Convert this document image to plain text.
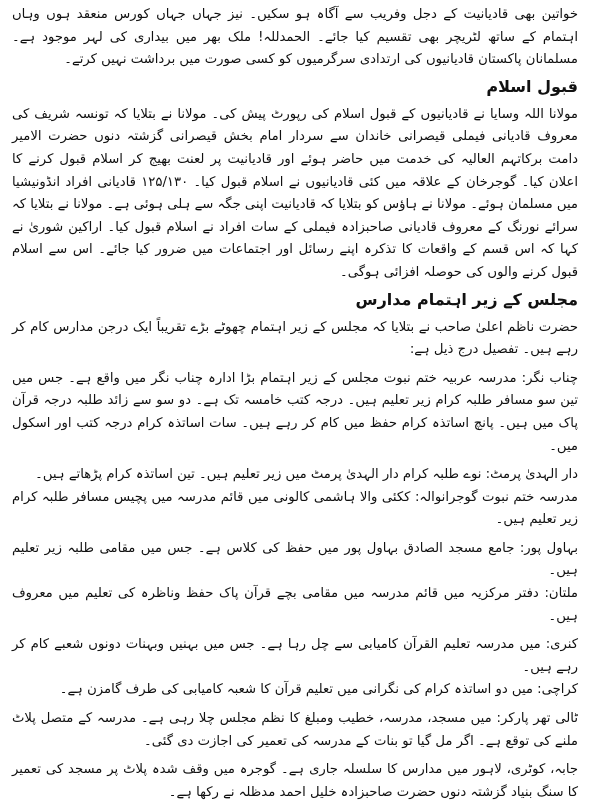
خواتین بھی قادیانیت کے دجل وفریب سے آگاہ ہو سکیں۔ نیز جہاں جہاں کورس منعقد ہوں وہاں اہتمام کے ساتھ لٹریچر بھی تقسیم کیا جائے۔ الحمدللہ! ملک بھر میں بیداری کی لہر موجود ہے۔ مسلمانان پاکستان قادیانیوں کی ارتدادی سرگرمیوں کو کسی صورت میں برداشت نہیں کرتے۔

قبول اسلام

مولانا اللہ وسایا نے قادیانیوں کے قبول اسلام کی رپورٹ پیش کی۔ مولانا نے بتلایا کہ تونسہ شریف کی معروف قادیانی فیملی قیصرانی خاندان سے سردار امام بخش قیصرانی گزشتہ دنوں حضرت الامیر دامت برکاتہم العالیہ کی خدمت میں حاضر ہوئے اور قادیانیت پر لعنت بھیج کر اسلام قبول کرنے کا اعلان کیا۔ گوجرخان کے علاقہ میں کئی قادیانیوں نے اسلام قبول کیا۔ ۱۲۵/۱۳۰ قادیانی افراد انڈونیشیا میں مسلمان ہوئے۔ مولانا نے ہاؤس کو بتلایا کہ قادیانیت اپنی جگہ سے ہلی ہوئی ہے۔ مولانا نے بتلایا کہ سرائے نورنگ کے معروف قادیانی صاحبزادہ فیملی کے سات افراد نے اسلام قبول کیا۔ اراکین شوریٰ نے کہا کہ اس قسم کے واقعات کا تذکرہ اپنے رسائل اور اجتماعات میں ضرور کیا جائے۔ اس سے اسلام قبول کرنے والوں کی حوصلہ افزائی ہوگی۔

مجلس کے زیر اہتمام مدارس

حضرت ناظم اعلیٰ صاحب نے بتلایا کہ مجلس کے زیر اہتمام چھوٹے بڑے تقریباً ایک درجن مدارس کام کر رہے ہیں۔ تفصیل درج ذیل ہے:

چناب نگر: مدرسہ عربیہ ختم نبوت مجلس کے زیر اہتمام بڑا ادارہ چناب نگر میں واقع ہے۔ جس میں تین سو مسافر طلبہ کرام زیر تعلیم ہیں۔ درجہ کتب خامسہ تک ہے۔ دو سو سے زائد طلبہ درجہ قرآن پاک میں ہیں۔ پانچ اساتذہ کرام حفظ میں کام کر رہے ہیں۔ سات اساتذہ کرام درجہ کتب اور اسکول میں۔

دار الہدیٰ پرمٹ: نوے طلبہ کرام دار الہدیٰ پرمٹ میں زیر تعلیم ہیں۔ تین اساتذہ کرام پڑھاتے ہیں۔

مدرسہ ختم نبوت گوجرانوالہ: ککئی والا ہاشمی کالونی میں قائم مدرسہ میں پچیس مسافر طلبہ کرام زیر تعلیم ہیں۔

بہاول پور: جامع مسجد الصادق بہاول پور میں حفظ کی کلاس ہے۔ جس میں مقامی طلبہ زیر تعلیم ہیں۔

ملتان: دفتر مرکزیہ میں قائم مدرسہ میں مقامی بچے قرآن پاک حفظ وناظرہ کی تعلیم میں معروف ہیں۔

کنری: میں مدرسہ تعلیم القرآن کامیابی سے چل رہا ہے۔ جس میں بہنیں وبہنات دونوں شعبے کام کر رہے ہیں۔

کراچی: میں دو اساتذہ کرام کی نگرانی میں تعلیم قرآن کا شعبہ کامیابی کی طرف گامزن ہے۔

ٹالی تھر پارکر: میں مسجد، مدرسہ، خطیب ومبلغ کا نظم مجلس چلا رہی ہے۔ مدرسہ کے متصل پلاٹ ملنے کی توقع ہے۔ اگر مل گیا تو بنات کے مدرسہ کی تعمیر کی اجازت دی گئی۔

جابہ، کوٹری، لاہور میں مدارس کا سلسلہ جاری ہے۔ گوجرہ میں وقف شدہ پلاٹ پر مسجد کی تعمیر کا سنگ بنیاد گزشتہ دنوں حضرت صاحبزادہ خلیل احمد مدظلہ نے رکھا ہے۔
